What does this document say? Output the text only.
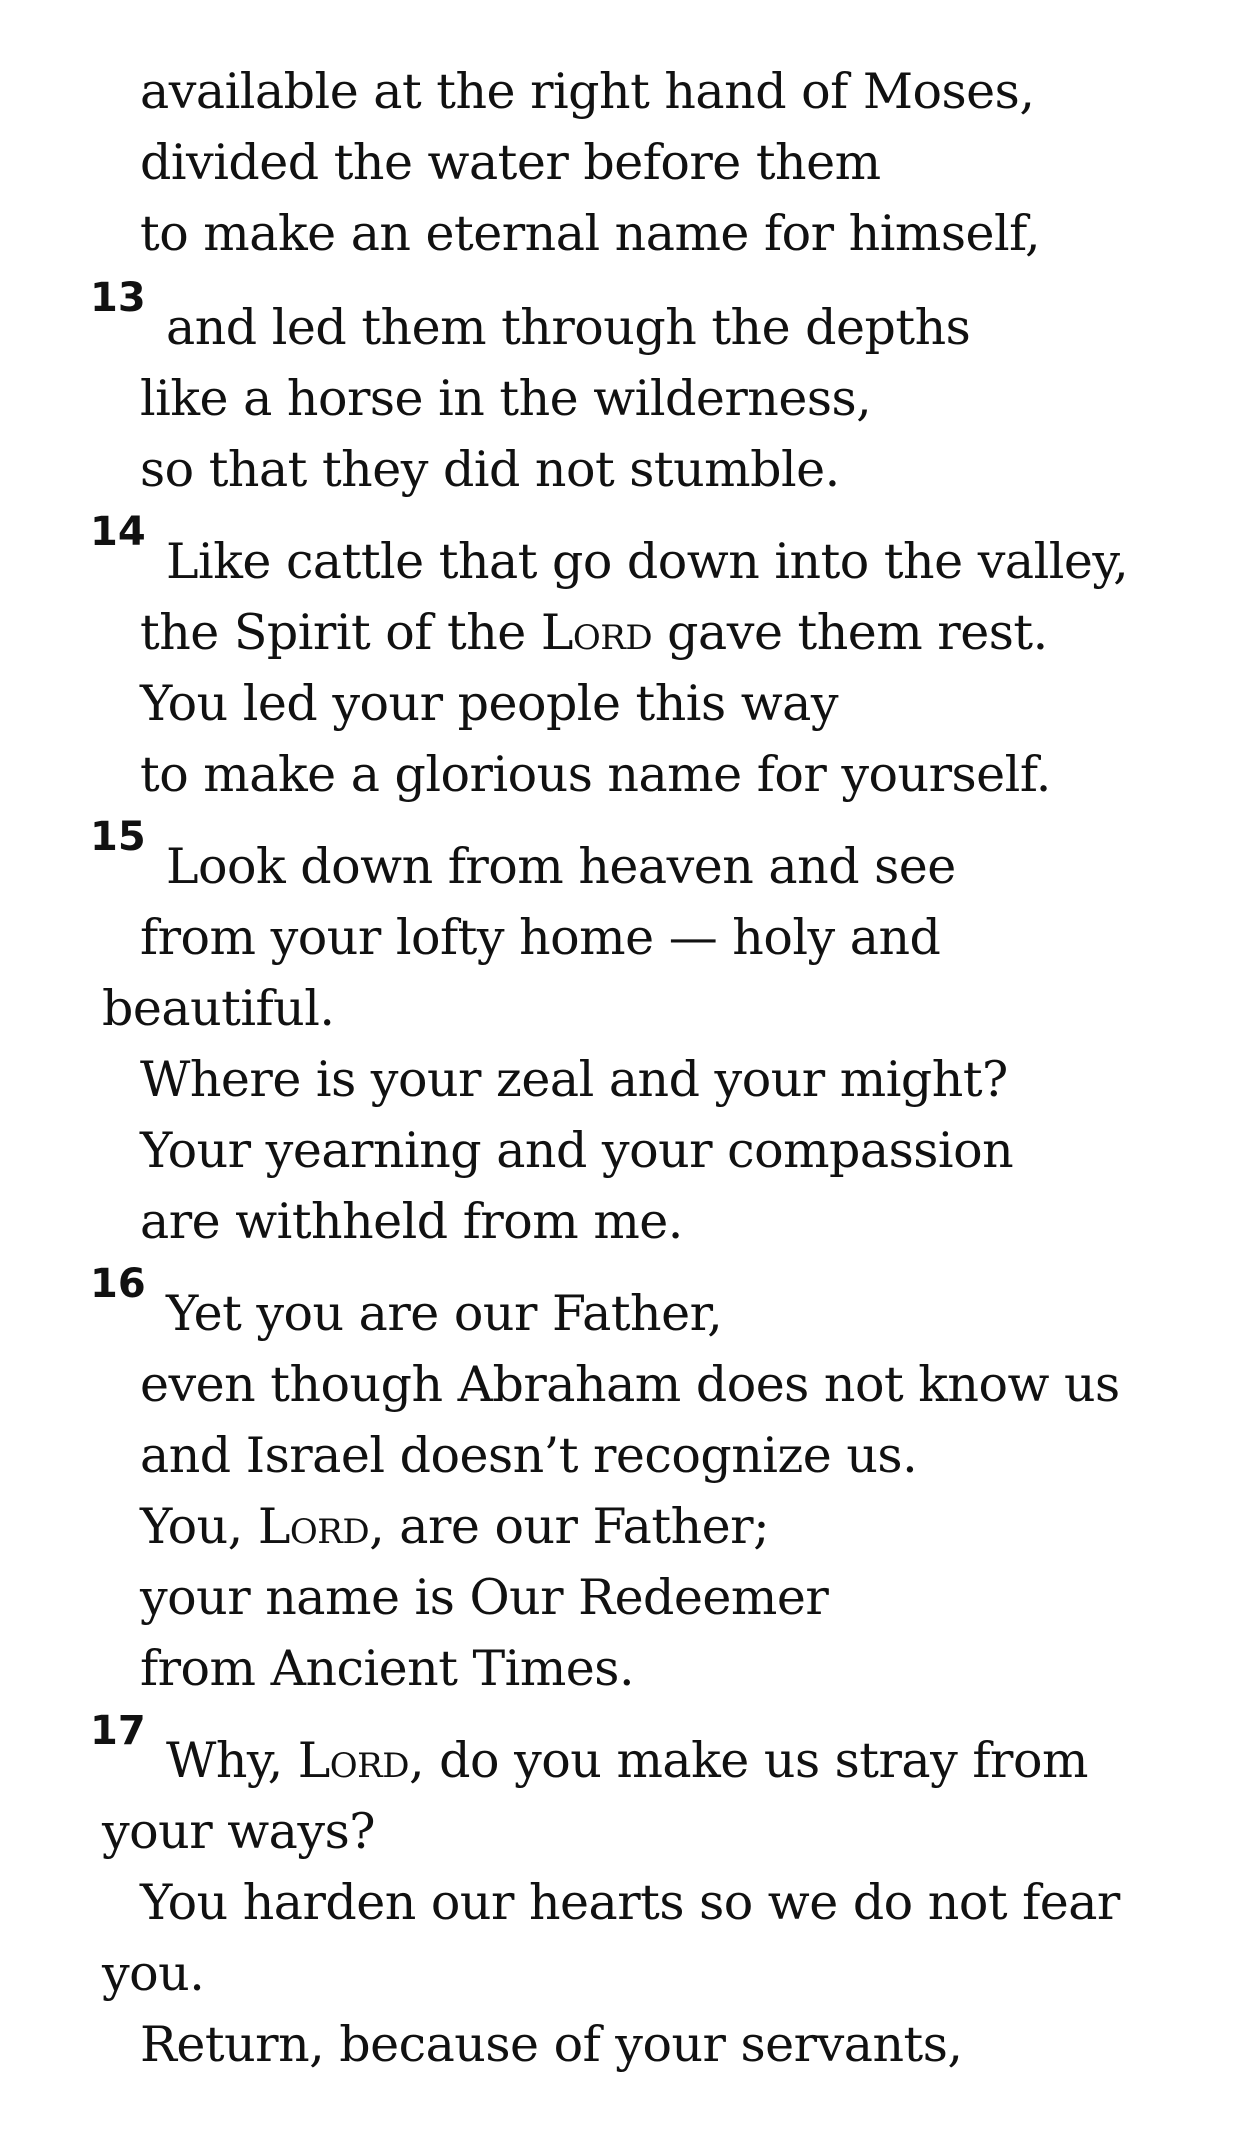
available at the right hand of Moses,
divided the water before them
to make an eternal name for himself,
13
and led them through the depths
like a horse in the wilderness,
so that they did not stumble.
14
Like cattle that go down into the valley,
the Spirit of the Lord gave them rest.
You led your people this way
to make a glorious name for yourself.
15
Look down from heaven and see
from your lofty home — holy and
beautiful.
Where is your zeal and your might?
Your yearning and your compassion
are withheld from me.
16
Yet you are our Father,
even though Abraham does not know us
and Israel doesn’t recognize us.
You, Lord, are our Father;
your name is Our Redeemer
from Ancient Times.
17
Why, Lord, do you make us stray from
your ways?
You harden our hearts so we do not fear
you.
Return, because of your servants,
